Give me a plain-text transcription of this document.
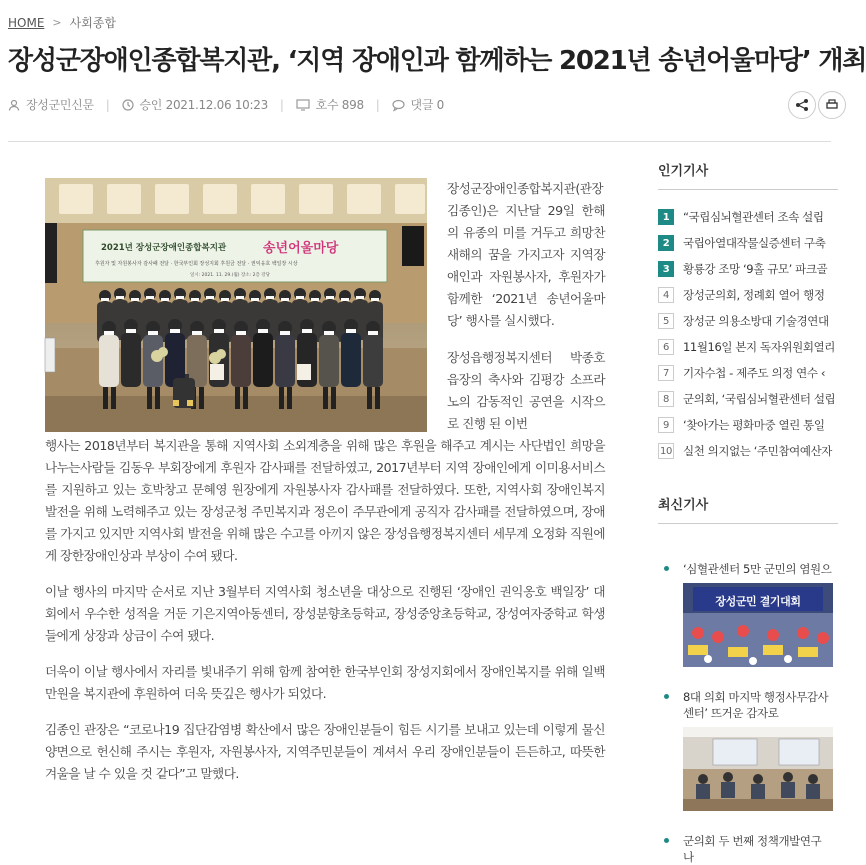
HOME > 사회종합
장성군장애인종합복지관, ‘지역 장애인과 함께하는 2021년 송년어울마당’ 개최
장성군민신문 |	승인 2021.12.06 10:23 |	호수 898 |	댓글 0
2021년 장성군장애인종합복지관	송년어울마당
후원자 및 자원봉사자 감사패 전달 · 한국부인회 장성지회 후원금 전달 · 권익옹호 백일장 시상
일시: 2021. 11. 29.(월) 장소: 2층 강당

장성군장애인종합복지관(관장 김종인)은 지난달 29일 한해의 유종의 미를 거두고 희망찬 새해의 꿈을 가지고자 지역장애인과 자원봉사자, 후원자가 함께한 ‘2021년 송년어울마당’ 행사를 실시했다.

장성읍행정복지센터 박종호 읍장의 축사와 김평강 소프라노의 감동적인 공연을 시작으로 진행 된 이번

행사는 2018년부터 복지관을 통해 지역사회 소외계층을 위해 많은 후원을 해주고 계시는 사단법인 희망을나누는사람들 김동우 부회장에게 후원자 감사패를 전달하였고, 2017년부터 지역 장애인에게 이미용서비스를 지원하고 있는 호박창고 문혜영 원장에게 자원봉사자 감사패를 전달하였다. 또한, 지역사회 장애인복지 발전을 위해 노력해주고 있는 장성군청 주민복지과 정은이 주무관에게 공직자 감사패를 전달하였으며, 장애를 가지고 있지만 지역사회 발전을 위해 많은 수고를 아끼지 않은 장성읍행정복지센터 세무계 오정화 직원에게 장한장애인상과 부상이 수여 됐다.

이날 행사의 마지막 순서로 지난 3월부터 지역사회 청소년을 대상으로 진행된 ‘장애인 권익옹호 백일장’ 대회에서 우수한 성적을 거둔 기은지역아동센터, 장성분향초등학교, 장성중앙초등학교, 장성여자중학교 학생들에게 상장과 상금이 수여 됐다.

더욱이 이날 행사에서 자리를 빛내주기 위해 함께 참여한 한국부인회 장성지회에서 장애인복지를 위해 일백만원을 복지관에 후원하여 더욱 뜻깊은 행사가 되었다.

김종인 관장은 “코로나19 집단감염병 확산에서 많은 장애인분들이 힘든 시기를 보내고 있는데 이렇게 물신양면으로 헌신해 주시는 후원자, 자원봉사자, 지역주민분들이 계셔서 우리 장애인분들이 든든하고, 따뜻한 겨울을 날 수 있을 것 같다”고 말했다.

인기기사
1	“국립심뇌혈관센터 조속 설립
2	국립아열대작물실증센터 구축
3	황룡강 조망 ‘9홀 규모’ 파크골
4	장성군의회, 정례회 열어 행정
5	장성군 의용소방대 기술경연대
6	11월16일 본지 독자위원회열리
7	기자수첩 - 제주도 의정 연수 ‹
8	군의회, ‘국립심뇌혈관센터 설립
9	‘찾아가는 평화마중 열린 통일
10 실천 의지없는 ‘주민참여예산자
최신기사
‘심혈관센터 5만 군민의 염원으
장성군민 결기대회
8대 의회 마지막 행정사무감사 센터’ 뜨거운 감자로
군의회 두 번째 정책개발연구 나
